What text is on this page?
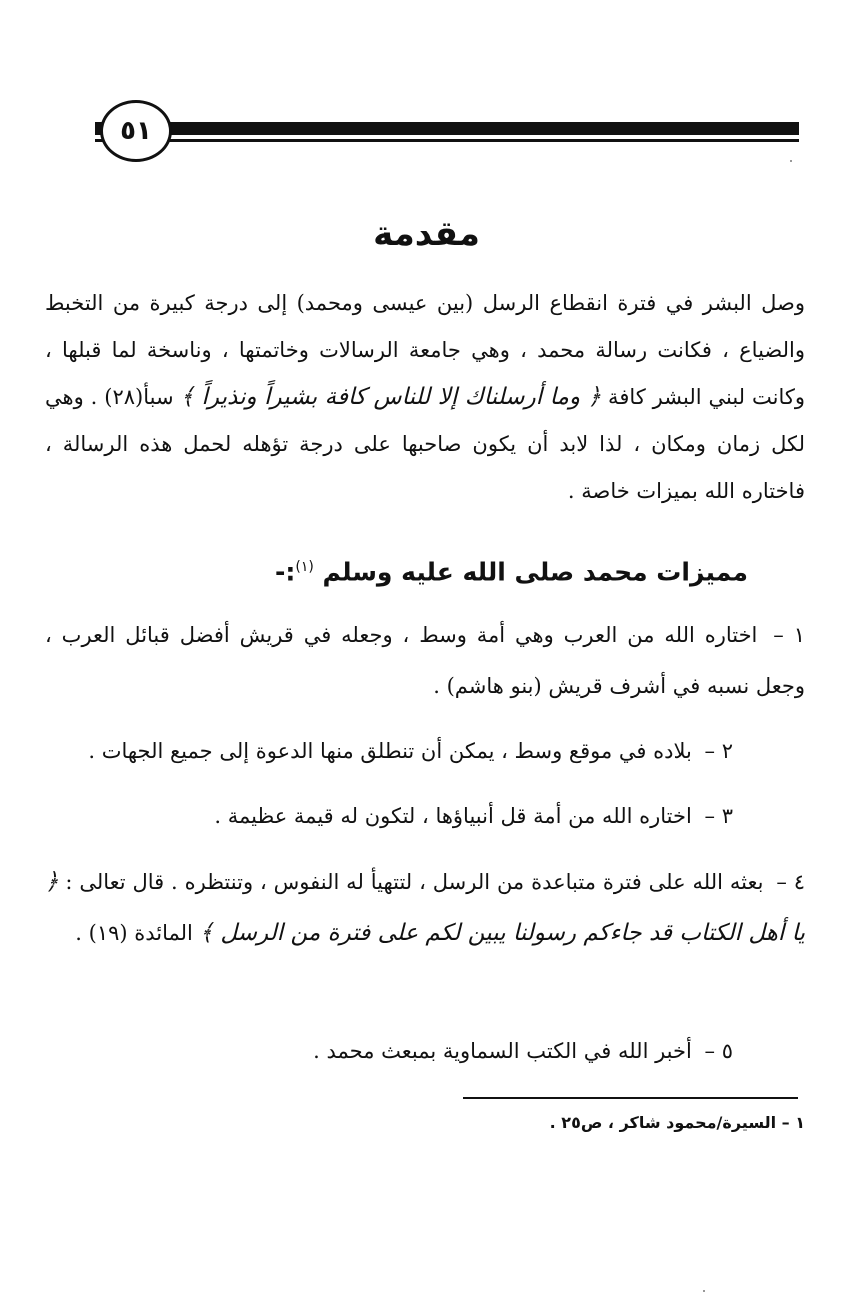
٥١
مقدمة

وصل البشر في فترة انقطاع الرسل (بين عيسى ومحمد) إلى درجة كبيرة من التخبط والضياع ، فكانت رسالة محمد ، وهي جامعة الرسالات وخاتمتها ، وناسخة لما قبلها ، وكانت لبني البشر كافة ﴿ وما أرسلناك إلا للناس كافة بشيراً ونذيراً ﴾ سبأ(٢٨) . وهي لكل زمان ومكان ، لذا لابد أن يكون صاحبها على درجة تؤهله لحمل هذه الرسالة ، فاختاره الله بميزات خاصة .

مميزات محمد صلى الله عليه وسلم $^{(١)}$:-

١ – اختاره الله من العرب وهي أمة وسط ، وجعله في قريش أفضل قبائل العرب ، وجعل نسبه في أشرف قريش (بنو هاشم) .

٢ – بلاده في موقع وسط ، يمكن أن تنطلق منها الدعوة إلى جميع الجهات .

٣ – اختاره الله من أمة قل أنبياؤها ، لتكون له قيمة عظيمة .

٤ – بعثه الله على فترة متباعدة من الرسل ، لتتهيأ له النفوس ، وتنتظره . قال تعالى : ﴿ يا أهل الكتاب قد جاءكم رسولنا يبين لكم على فترة من الرسل ﴾ المائدة (١٩) .

٥ – أخبر الله في الكتب السماوية بمبعث محمد .

١ – السيرة/محمود شاكر ، ص٢٥ .
